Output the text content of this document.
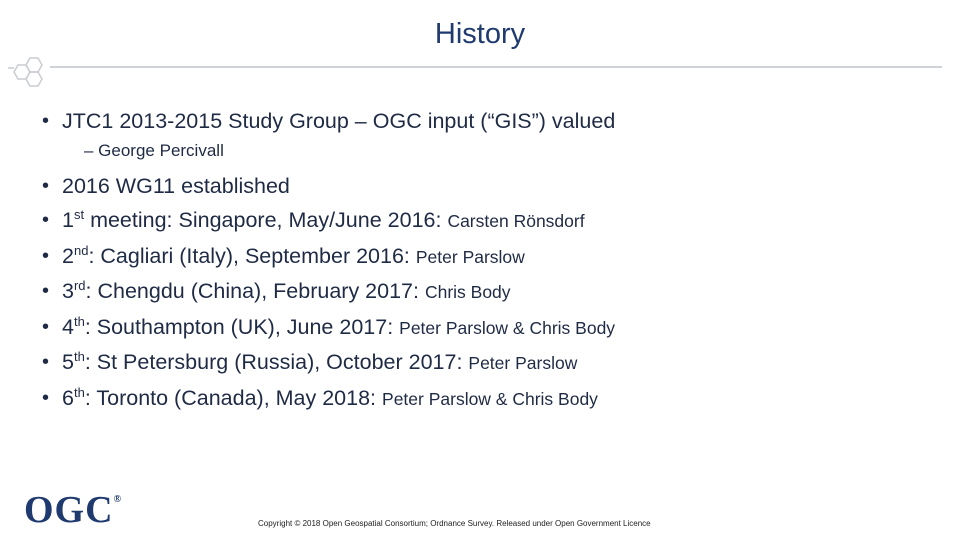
History
• JTC1 2013-2015 Study Group – OGC input (“GIS”) valued
– George Percivall
• 2016 WG11 established
• 1st meeting: Singapore, May/June 2016: Carsten Rönsdorf
• 2nd: Cagliari (Italy), September 2016: Peter Parslow
• 3rd: Chengdu (China), February 2017: Chris Body
• 4th: Southampton (UK), June 2017: Peter Parslow & Chris Body
• 5th: St Petersburg (Russia), October 2017: Peter Parslow
• 6th: Toronto (Canada), May 2018: Peter Parslow & Chris Body
OGC®
Copyright © 2018 Open Geospatial Consortium; Ordnance Survey. Released under Open Government Licence
